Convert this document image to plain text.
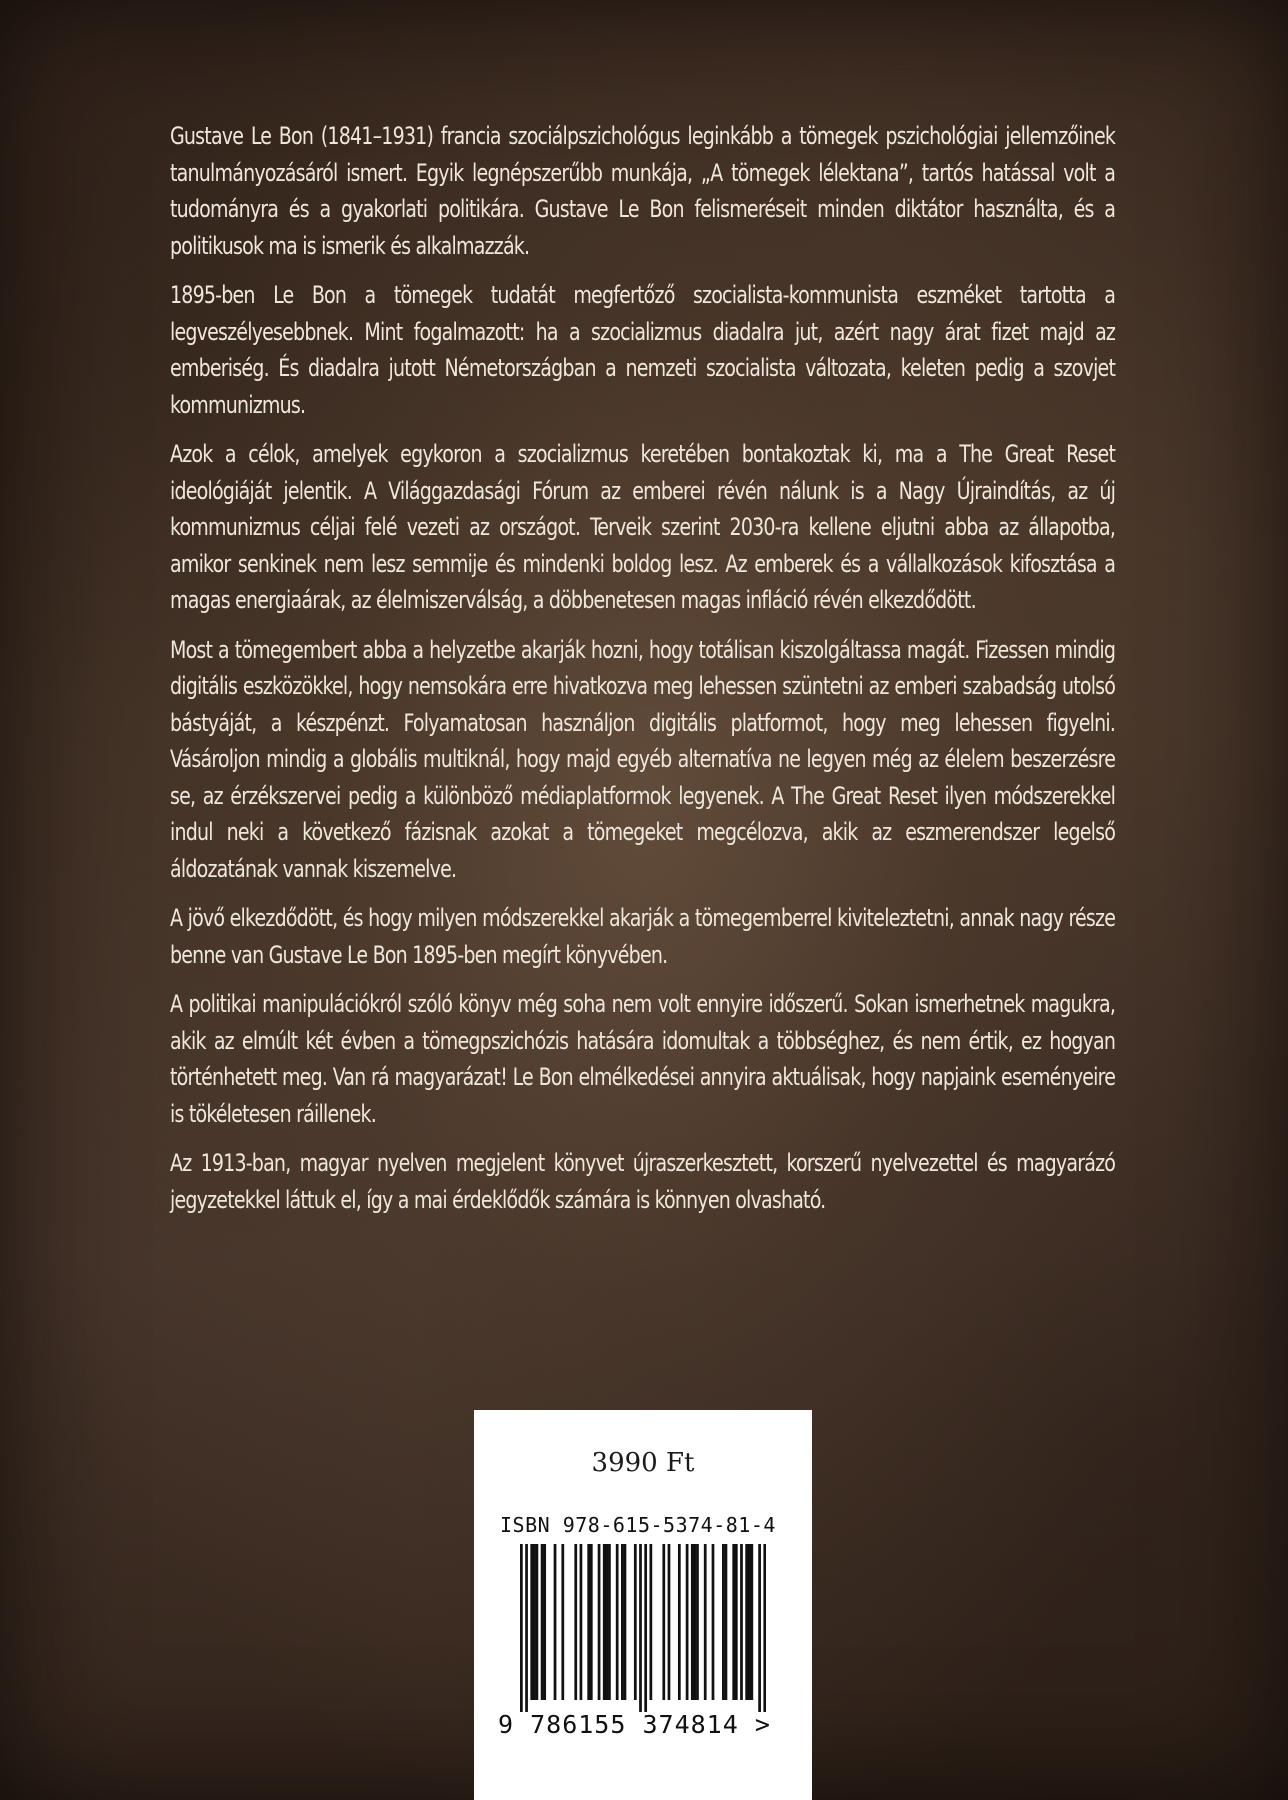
Gustave Le Bon (1841–1931) francia szociálpszichológus leginkább a tömegek pszichológiai jellemzőinek tanulmányozásáról ismert. Egyik legnépszerűbb munkája, „A tömegek lélektana”, tartós hatással volt a tudományra és a gyakorlati politikára. Gustave Le Bon felismeréseit minden diktátor használta, és a politikusok ma is ismerik és alkalmazzák.

1895-ben Le Bon a tömegek tudatát megfertőző szocialista-kommunista eszméket tartotta a legveszélyesebbnek. Mint fogalmazott: ha a szocializmus diadalra jut, azért nagy árat fizet majd az emberiség. És diadalra jutott Németországban a nemzeti szocialista változata, keleten pedig a szovjet kommunizmus.

Azok a célok, amelyek egykoron a szocializmus keretében bontakoztak ki, ma a The Great Reset ideológiáját jelentik. A Világgazdasági Fórum az emberei révén nálunk is a Nagy Újraindítás, az új kommunizmus céljai felé vezeti az országot. Terveik szerint 2030-ra kellene eljutni abba az állapotba, amikor senkinek nem lesz semmije és mindenki boldog lesz. Az emberek és a vállalkozások kifosztása a magas energiaárak, az élelmiszerválság, a döbbenetesen magas infláció révén elkezdődött.

Most a tömegembert abba a helyzetbe akarják hozni, hogy totálisan kiszolgáltassa magát. Fizessen mindig digitális eszközökkel, hogy nemsokára erre hivatkozva meg lehessen szüntetni az emberi szabadság utolsó bástyáját, a készpénzt. Folyamatosan használjon digitális platformot, hogy meg lehessen figyelni. Vásároljon mindig a globális multiknál, hogy majd egyéb alternatíva ne legyen még az élelem beszerzésre se, az érzékszervei pedig a különböző médiaplatformok legyenek. A The Great Reset ilyen módszerekkel indul neki a következő fázisnak azokat a tömegeket megcélozva, akik az eszmerendszer legelső áldozatának vannak kiszemelve.

A jövő elkezdődött, és hogy milyen módszerekkel akarják a tömegemberrel kiviteleztetni, annak nagy része benne van Gustave Le Bon 1895-ben megírt könyvében.

A politikai manipulációkról szóló könyv még soha nem volt ennyire időszerű. Sokan ismerhetnek magukra, akik az elmúlt két évben a tömegpszichózis hatására idomultak a többséghez, és nem értik, ez hogyan történhetett meg. Van rá magyarázat! Le Bon elmélkedései annyira aktuálisak, hogy napjaink eseményeire is tökéletesen ráillenek.

Az 1913-ban, magyar nyelven megjelent könyvet újraszerkesztett, korszerű nyelvezettel és magyarázó jegyzetekkel láttuk el, így a mai érdeklődők számára is könnyen olvasható.

3990 Ft
ISBN 978-615-5374-81-4
9 786155 374814 >
